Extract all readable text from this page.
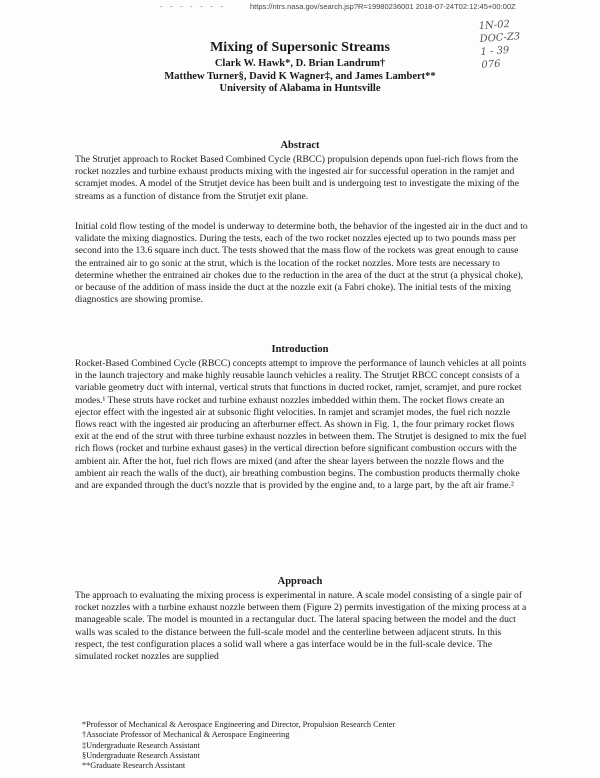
https://ntrs.nasa.gov/search.jsp?R=19980236001 2018-07-24T02:12:45+00:00Z
- - - - - - -
1N-02
DOC-Z3
1 - 39
076
Mixing of Supersonic Streams
Clark W. Hawk*, D. Brian Landrum†
Matthew Turner§, David K Wagner‡, and James Lambert**
University of Alabama in Huntsville
Abstract

The Strutjet approach to Rocket Based Combined Cycle (RBCC) propulsion depends upon fuel-rich flows from the rocket nozzles and turbine exhaust products mixing with the ingested air for successful operation in the ramjet and scramjet modes. A model of the Strutjet device has been built and is undergoing test to investigate the mixing of the streams as a function of distance from the Strutjet exit plane.

Initial cold flow testing of the model is underway to determine both, the behavior of the ingested air in the duct and to validate the mixing diagnostics. During the tests, each of the two rocket nozzles ejected up to two pounds mass per second into the 13.6 square inch duct. The tests showed that the mass flow of the rockets was great enough to cause the entrained air to go sonic at the strut, which is the location of the rocket nozzles. More tests are necessary to determine whether the entrained air chokes due to the reduction in the area of the duct at the strut (a physical choke), or because of the addition of mass inside the duct at the nozzle exit (a Fabri choke). The initial tests of the mixing diagnostics are showing promise.

Introduction

Rocket-Based Combined Cycle (RBCC) concepts attempt to improve the performance of launch vehicles at all points in the launch trajectory and make highly reusable launch vehicles a reality. The Strutjet RBCC concept consists of a variable geometry duct with internal, vertical struts that functions in ducted rocket, ramjet, scramjet, and pure rocket modes.¹ These struts have rocket and turbine exhaust nozzles imbedded within them. The rocket flows create an ejector effect with the ingested air at subsonic flight velocities. In ramjet and scramjet modes, the fuel rich nozzle flows react with the ingested air producing an afterburner effect. As shown in Fig. 1, the four primary rocket flows exit at the end of the strut with three turbine exhaust nozzles in between them. The Strutjet is designed to mix the fuel rich flows (rocket and turbine exhaust gases) in the vertical direction before significant combustion occurs with the ambient air. After the hot, fuel rich flows are mixed (and after the shear layers between the nozzle flows and the ambient air reach the walls of the duct), air breathing combustion begins. The combustion products thermally choke and are expanded through the duct's nozzle that is provided by the engine and, to a large part, by the aft air frame.²

Approach

The approach to evaluating the mixing process is experimental in nature. A scale model consisting of a single pair of rocket nozzles with a turbine exhaust nozzle between them (Figure 2) permits investigation of the mixing process at a manageable scale. The model is mounted in a rectangular duct. The lateral spacing between the model and the duct walls was scaled to the distance between the full-scale model and the centerline between adjacent struts. In this respect, the test configuration places a solid wall where a gas interface would be in the full-scale device. The simulated rocket nozzles are supplied

*Professor of Mechanical & Aerospace Engineering and Director, Propulsion Research Center
†Associate Professor of Mechanical & Aerospace Engineering
‡Undergraduate Research Assistant
§Undergraduate Research Assistant
**Graduate Research Assistant
